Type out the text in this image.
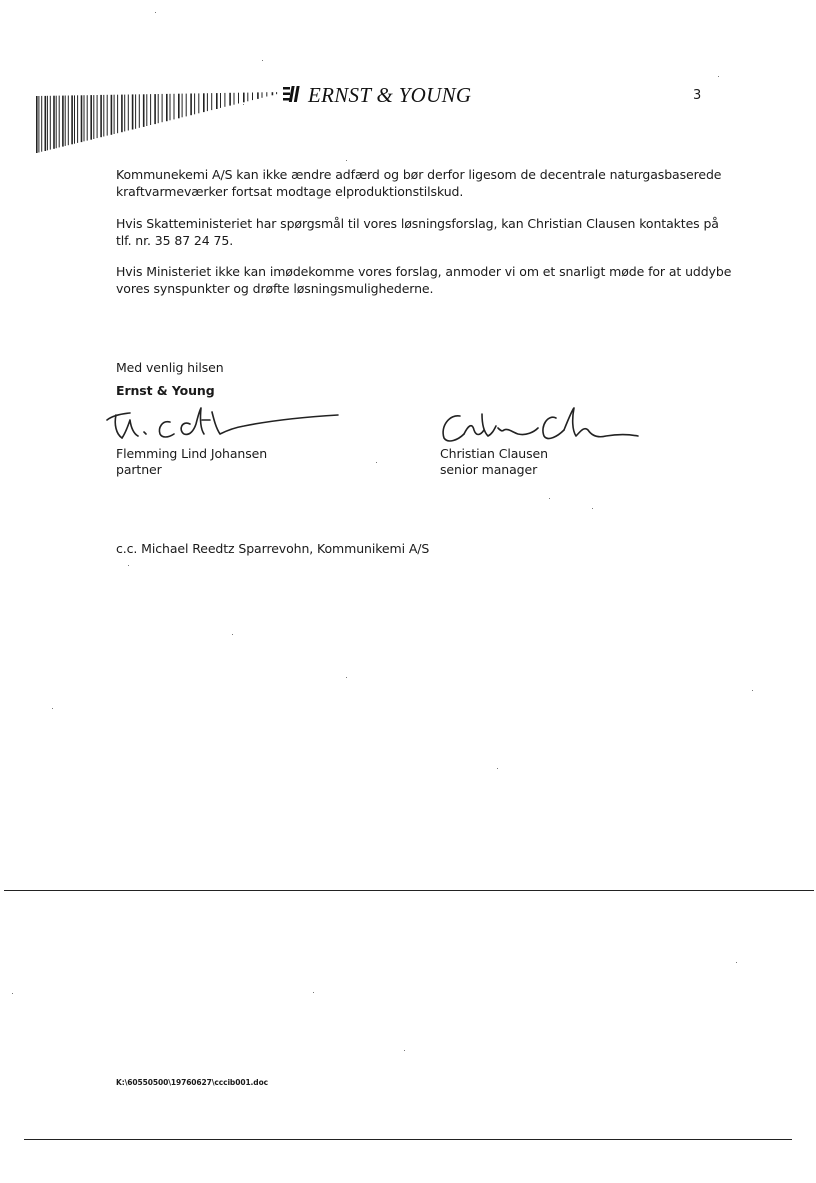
ERNST & YOUNG	3
Kommunekemi A/S kan ikke ændre adfærd og bør derfor ligesom de decentrale naturgasbaserede
kraftvarmeværker fortsat modtage elproduktionstilskud.
Hvis Skatteministeriet har spørgsmål til vores løsningsforslag, kan Christian Clausen kontaktes på
tlf. nr. 35 87 24 75.
Hvis Ministeriet ikke kan imødekomme vores forslag, anmoder vi om et snarligt møde for at uddybe
vores synspunkter og drøfte løsningsmulighederne.
Med venlig hilsen
Ernst & Young
Flemming Lind Johansen
partner
Christian Clausen
senior manager
c.c. Michael Reedtz Sparrevohn, Kommunikemi A/S
K:\60550500\19760627\cccib001.doc
